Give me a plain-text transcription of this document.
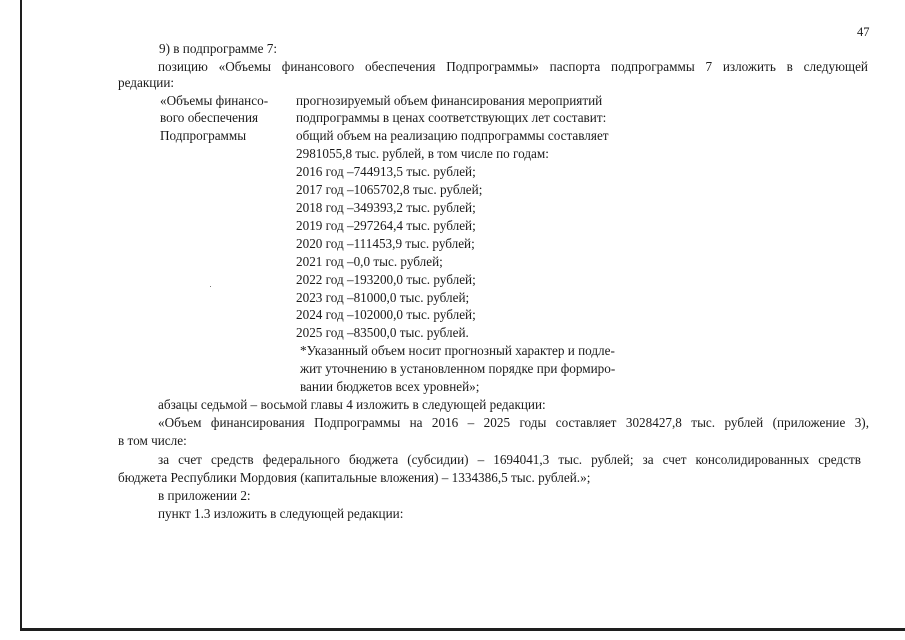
47
9) в подпрограмме 7:
позицию «Объемы финансового обеспечения Подпрограммы» паспорта подпрограммы 7 изложить в следующей
редакции:
«Объемы финансо-
вого обеспечения
Подпрограммы
прогнозируемый объем финансирования мероприятий
подпрограммы в ценах соответствующих лет составит:
общий объем на реализацию подпрограммы составляет
2981055,8 тыс. рублей, в том числе по годам:
2016 год –744913,5 тыс. рублей;
2017 год –1065702,8 тыс. рублей;
2018 год –349393,2 тыс. рублей;
2019 год –297264,4 тыс. рублей;
2020 год –111453,9 тыс. рублей;
2021 год –0,0 тыс. рублей;
2022 год –193200,0 тыс. рублей;
2023 год –81000,0 тыс. рублей;
2024 год –102000,0 тыс. рублей;
2025 год –83500,0 тыс. рублей.
*Указанный объем носит прогнозный характер и подле-
жит уточнению в установленном порядке при формиро-
вании бюджетов всех уровней»;
абзацы седьмой – восьмой главы 4 изложить в следующей редакции:
«Объем финансирования Подпрограммы на 2016 – 2025 годы составляет 3028427,8 тыс. рублей (приложение 3),
в том числе:
за счет средств федерального бюджета (субсидии) – 1694041,3 тыс. рублей; за счет консолидированных средств
бюджета Республики Мордовия (капитальные вложения) – 1334386,5 тыс. рублей.»;
в приложении 2:
пункт 1.3 изложить в следующей редакции:
